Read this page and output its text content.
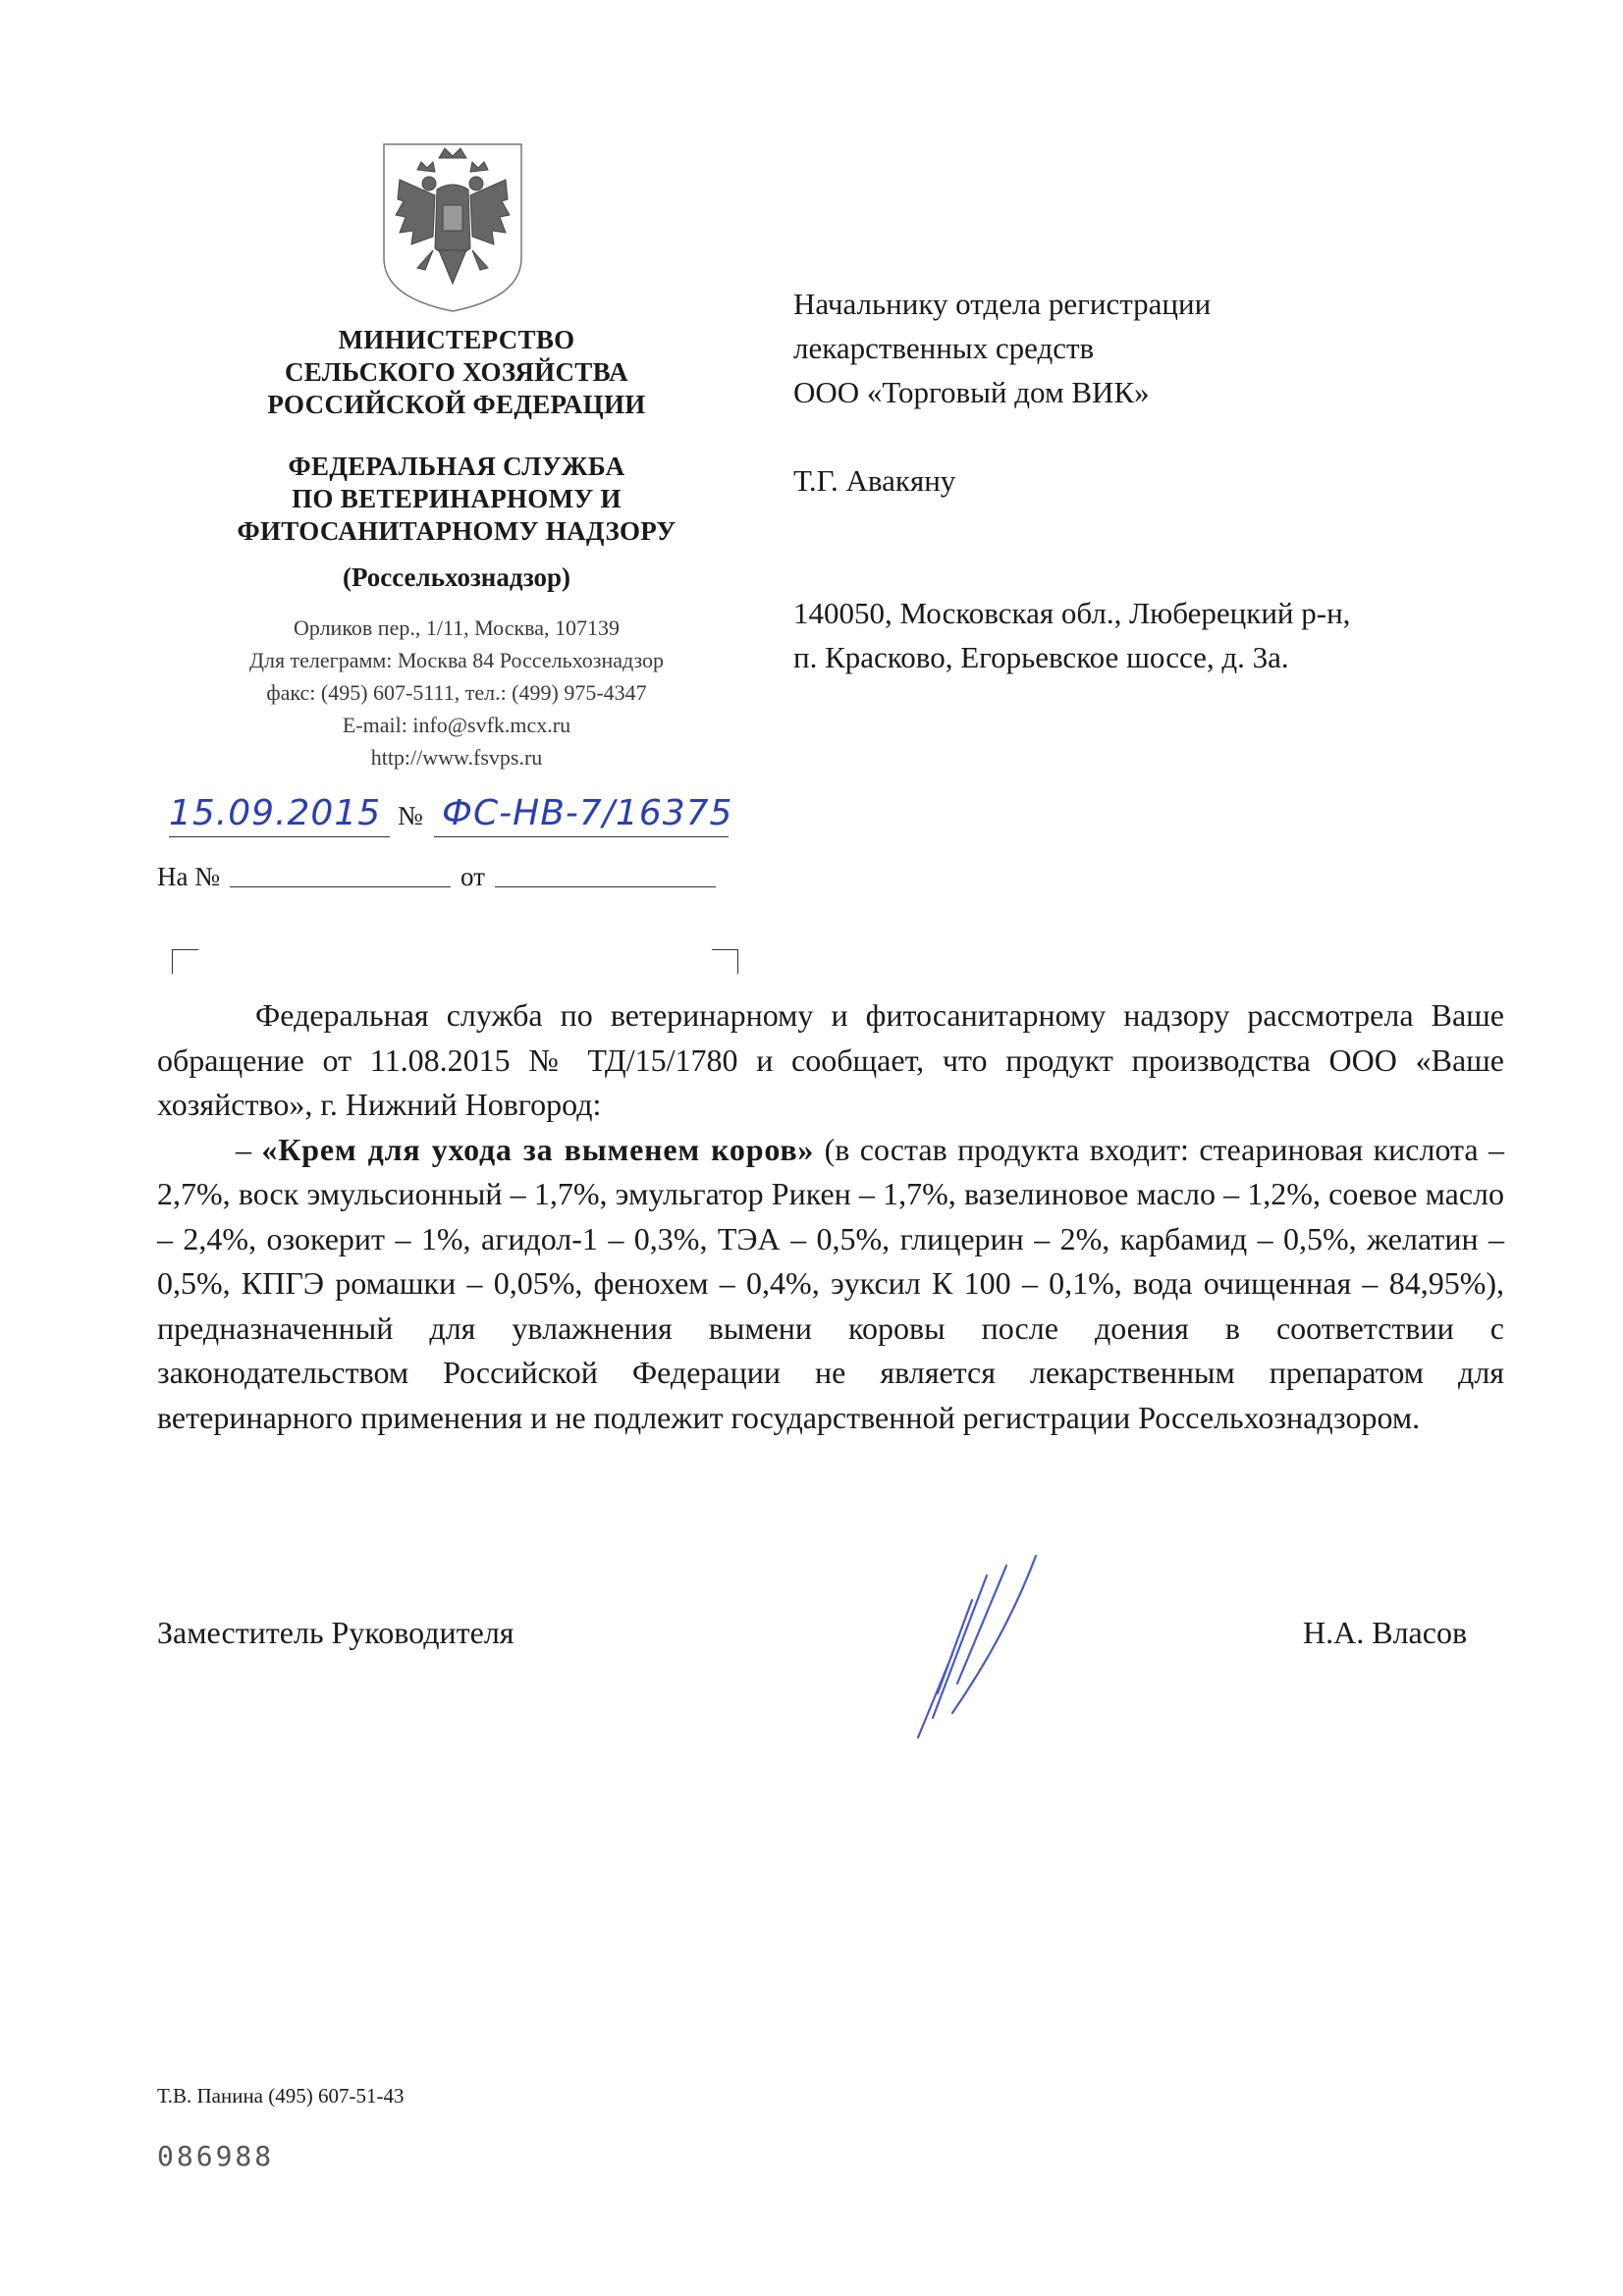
МИНИСТЕРСТВО
СЕЛЬСКОГО ХОЗЯЙСТВА
РОССИЙСКОЙ ФЕДЕРАЦИИ
ФЕДЕРАЛЬНАЯ СЛУЖБА
ПО ВЕТЕРИНАРНОМУ И
ФИТОСАНИТАРНОМУ НАДЗОРУ
(Россельхознадзор)
Орликов пер., 1/11, Москва, 107139
Для телеграмм: Москва 84 Россельхознадзор
факс: (495) 607-5111, тел.: (499) 975-4347
E-mail: info@svfk.mcx.ru
http://www.fsvps.ru
15.09.2015 № ФС-НВ-7/16375
На №	от
Начальнику отдела регистрации
лекарственных средств
ООО «Торговый дом ВИК»
Т.Г. Авакяну
140050, Московская обл., Люберецкий р-н,
п. Красково, Егорьевское шоссе, д. 3а.

Федеральная служба по ветеринарному и фитосанитарному надзору рассмотрела Ваше обращение от 11.08.2015 № ТД/15/1780 и сообщает, что продукт производства ООО «Ваше хозяйство», г. Нижний Новгород:

– «Крем для ухода за выменем коров» (в состав продукта входит: стеариновая кислота – 2,7%, воск эмульсионный – 1,7%, эмульгатор Рикен – 1,7%, вазелиновое масло – 1,2%, соевое масло – 2,4%, озокерит – 1%, агидол-1 – 0,3%, ТЭА – 0,5%, глицерин – 2%, карбамид – 0,5%, желатин – 0,5%, КПГЭ ромашки – 0,05%, фенохем – 0,4%, эуксил К 100 – 0,1%, вода очищенная – 84,95%), предназначенный для увлажнения вымени коровы после доения в соответствии с законодательством Российской Федерации не является лекарственным препаратом для ветеринарного применения и не подлежит государственной регистрации Россельхознадзором.

Заместитель Руководителя	Н.А. Власов
Т.В. Панина (495) 607-51-43
086988
